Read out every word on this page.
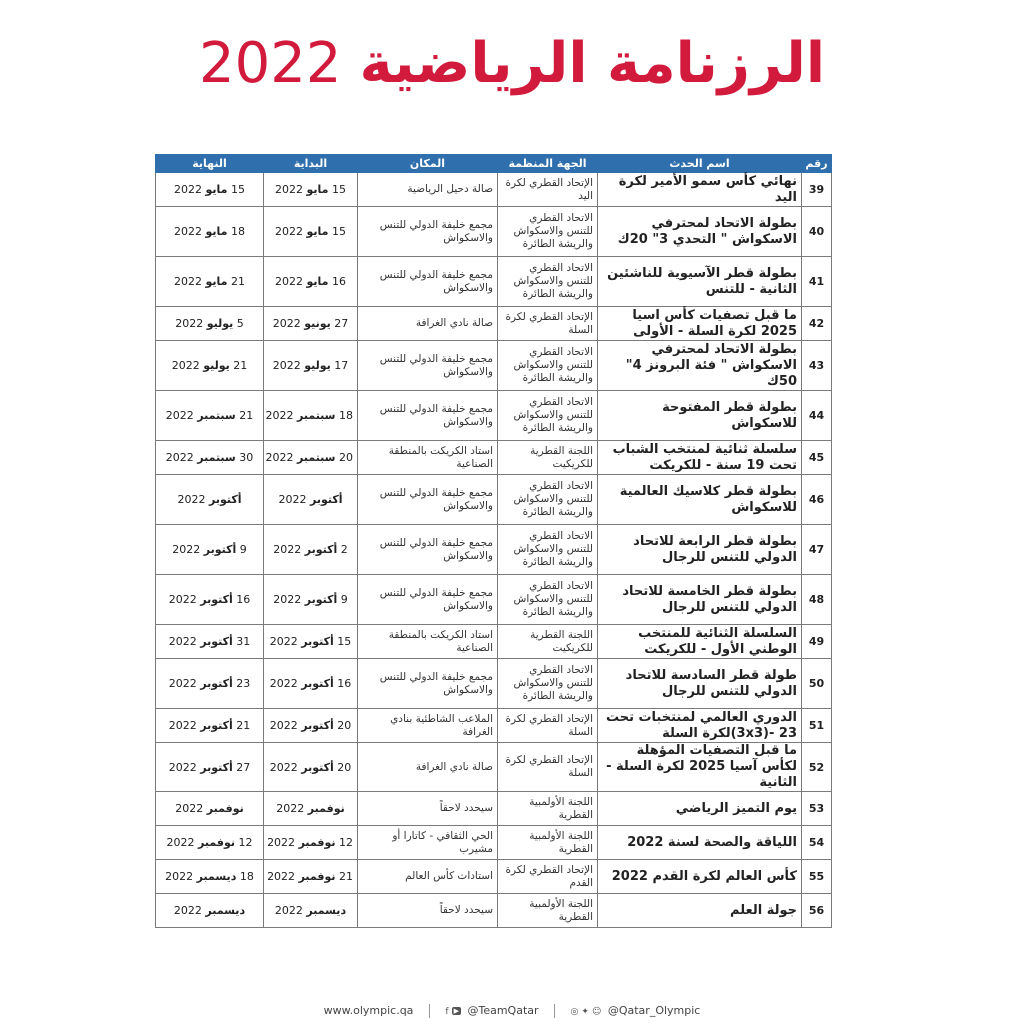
الرزنامة الرياضية2022
رقم	اسم الحدث	الجهة المنظمة	المكان	البداية	النهاية
39	نهائي كأس سمو الأمير لكرة اليد	الإتحاد القطري لكرة اليد	صالة دحيل الرياضية	15 مايو 2022	15 مايو 2022
40	بطولة الاتحاد لمحترفي الاسكواش " التحدي 3" 20ك	الاتحاد القطري للتنس والاسكواش والريشة الطائرة	مجمع خليفة الدولي للتنس والاسكواش	15 مايو 2022	18 مايو 2022
41	بطولة قطر الآسيوية للناشئين الثانية - للتنس	الاتحاد القطري للتنس والاسكواش والريشة الطائرة	مجمع خليفة الدولي للتنس والاسكواش	16 مايو 2022	21 مايو 2022
42	ما قبل تصفيات كأس اسيا 2025 لكرة السلة - الأولى	الإتحاد القطري لكرة السلة	صالة نادي الغرافة	27 يونيو 2022	5 يوليو 2022
43	بطولة الاتحاد لمحترفي الاسكواش " فئة البرونز 4" 50ك	الاتحاد القطري للتنس والاسكواش والريشة الطائرة	مجمع خليفة الدولي للتنس والاسكواش	17 يوليو 2022	21 يوليو 2022
44	بطولة قطر المفتوحة للاسكواش	الاتحاد القطري للتنس والاسكواش والريشة الطائرة	مجمع خليفة الدولي للتنس والاسكواش	18 سبتمبر 2022	21 سبتمبر 2022
45	سلسلة ثنائية لمنتخب الشباب تحت 19 سنة - للكريكت	اللجنة القطرية للكريكيت	استاد الكريكت بالمنطقة الصناعية	20 سبتمبر 2022	30 سبتمبر 2022
46	بطولة قطر كلاسيك العالمية للاسكواش	الاتحاد القطري للتنس والاسكواش والريشة الطائرة	مجمع خليفة الدولي للتنس والاسكواش	أكتوبر 2022	أكتوبر 2022
47	بطولة قطر الرابعة للاتحاد الدولي للتنس للرجال	الاتحاد القطري للتنس والاسكواش والريشة الطائرة	مجمع خليفة الدولي للتنس والاسكواش	2 أكتوبر 2022	9 أكتوبر 2022
48	بطولة قطر الخامسة للاتحاد الدولي للتنس للرجال	الاتحاد القطري للتنس والاسكواش والريشة الطائرة	مجمع خليفة الدولي للتنس والاسكواش	9 أكتوبر 2022	16 أكتوبر 2022
49	السلسلة الثنائية للمنتخب الوطني الأول - للكريكت	اللجنة القطرية للكريكيت	استاد الكريكت بالمنطقة الصناعية	15 أكتوبر 2022	31 أكتوبر 2022
50	طولة قطر السادسة للاتحاد الدولي للتنس للرجال	الاتحاد القطري للتنس والاسكواش والريشة الطائرة	مجمع خليفة الدولي للتنس والاسكواش	16 أكتوبر 2022	23 أكتوبر 2022
51	الدوري العالمي لمنتخبات تحت 23 -(3x3)لكرة السلة	الإتحاد القطري لكرة السلة	الملاعب الشاطئية بنادي الغرافة	20 أكتوبر 2022	21 أكتوبر 2022
52	ما قبل التصفيات المؤهلة لكأس آسيا 2025 لكرة السلة - الثانية	الإتحاد القطري لكرة السلة	صالة نادي الغرافة	20 أكتوبر 2022	27 أكتوبر 2022
53	يوم التميز الرياضي	اللجنة الأولمبية القطرية	سيحدد لاحقاً	نوفمبر 2022	نوفمبر 2022
54	اللياقة والصحة لسنة 2022	اللجنة الأولمبية القطرية	الحي الثقافي - كاتارا أو مشيرب	12 نوفمبر 2022	12 نوفمبر 2022
55	كأس العالم لكرة القدم 2022	الإتحاد القطري لكرة القدم	استادات كأس العالم	21 نوفمبر 2022	18 ديسمبر 2022
56	جولة العلم	اللجنة الأولمبية القطرية	سيحدد لاحقاً	ديسمبر 2022	ديسمبر 2022
www.olympic.qa	f ▶ @TeamQatar	◎ ✦ ☺ @Qatar_Olympic
